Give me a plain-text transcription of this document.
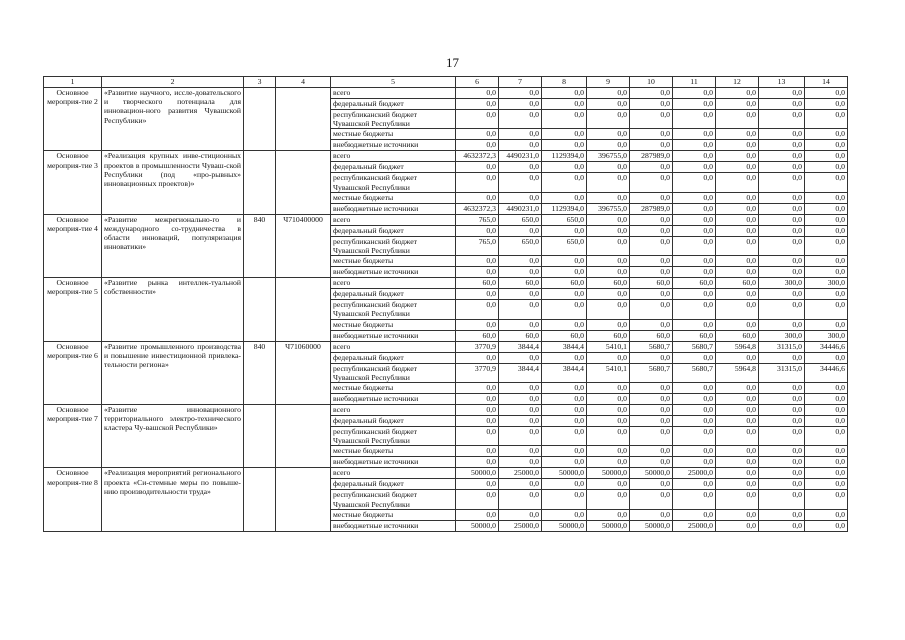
17
1	2	3	4	5	6	7	8	9	10	11	12	13	14
Основное мероприя-тие 2	«Развитие научного, иссле-довательского и творческого потенциала для инновацион-ного развития Чувашской Республики»			всего	0,0	0,0	0,0	0,0	0,0	0,0	0,0	0,0	0,0
				федеральный бюджет	0,0	0,0	0,0	0,0	0,0	0,0	0,0	0,0	0,0
				республиканский бюджет Чувашской Республики	0,0	0,0	0,0	0,0	0,0	0,0	0,0	0,0	0,0
				местные бюджеты	0,0	0,0	0,0	0,0	0,0	0,0	0,0	0,0	0,0
				внебюджетные источники	0,0	0,0	0,0	0,0	0,0	0,0	0,0	0,0	0,0
Основное мероприя-тие 3	«Реализация крупных инве-стиционных проектов в промышленности Чуваш-ской Республики (под «про-рывных» инновационных проектов)»			всего	4632372,3	4490231,0	1129394,0	396755,0	287989,0	0,0	0,0	0,0	0,0
				федеральный бюджет	0,0	0,0	0,0	0,0	0,0	0,0	0,0	0,0	0,0
				республиканский бюджет Чувашской Республики	0,0	0,0	0,0	0,0	0,0	0,0	0,0	0,0	0,0
				местные бюджеты	0,0	0,0	0,0	0,0	0,0	0,0	0,0	0,0	0,0
				внебюджетные источники	4632372,3	4490231,0	1129394,0	396755,0	287989,0	0,0	0,0	0,0	0,0
Основное мероприя-тие 4	«Развитие межрегионально-го и международного со-трудничества в области инноваций, популяризация инноватики»	840	Ч710400000	всего	765,0	650,0	650,0	0,0	0,0	0,0	0,0	0,0	0,0
				федеральный бюджет	0,0	0,0	0,0	0,0	0,0	0,0	0,0	0,0	0,0
				республиканский бюджет Чувашской Республики	765,0	650,0	650,0	0,0	0,0	0,0	0,0	0,0	0,0
				местные бюджеты	0,0	0,0	0,0	0,0	0,0	0,0	0,0	0,0	0,0
				внебюджетные источники	0,0	0,0	0,0	0,0	0,0	0,0	0,0	0,0	0,0
Основное мероприя-тие 5	«Развитие рынка интеллек-туальной собственности»			всего	60,0	60,0	60,0	60,0	60,0	60,0	60,0	300,0	300,0
				федеральный бюджет	0,0	0,0	0,0	0,0	0,0	0,0	0,0	0,0	0,0
				республиканский бюджет Чувашской Республики	0,0	0,0	0,0	0,0	0,0	0,0	0,0	0,0	0,0
				местные бюджеты	0,0	0,0	0,0	0,0	0,0	0,0	0,0	0,0	0,0
				внебюджетные источники	60,0	60,0	60,0	60,0	60,0	60,0	60,0	300,0	300,0
Основное мероприя-тие 6	«Развитие промышленного производства и повышение инвестиционной привлека-тельности региона»	840	Ч71060000	всего	3770,9	3844,4	3844,4	5410,1	5680,7	5680,7	5964,8	31315,0	34446,6
				федеральный бюджет	0,0	0,0	0,0	0,0	0,0	0,0	0,0	0,0	0,0
				республиканский бюджет Чувашской Республики	3770,9	3844,4	3844,4	5410,1	5680,7	5680,7	5964,8	31315,0	34446,6
				местные бюджеты	0,0	0,0	0,0	0,0	0,0	0,0	0,0	0,0	0,0
				внебюджетные источники	0,0	0,0	0,0	0,0	0,0	0,0	0,0	0,0	0,0
Основное мероприя-тие 7	«Развитие инновационного территориального электро-технического кластера Чу-вашской Республики»			всего	0,0	0,0	0,0	0,0	0,0	0,0	0,0	0,0	0,0
				федеральный бюджет	0,0	0,0	0,0	0,0	0,0	0,0	0,0	0,0	0,0
				республиканский бюджет Чувашской Республики	0,0	0,0	0,0	0,0	0,0	0,0	0,0	0,0	0,0
				местные бюджеты	0,0	0,0	0,0	0,0	0,0	0,0	0,0	0,0	0,0
				внебюджетные источники	0,0	0,0	0,0	0,0	0,0	0,0	0,0	0,0	0,0
Основное мероприя-тие 8	«Реализация мероприятий регионального проекта «Си-стемные меры по повыше-нию производительности труда»			всего	50000,0	25000,0	50000,0	50000,0	50000,0	25000,0	0,0	0,0	0,0
				федеральный бюджет	0,0	0,0	0,0	0,0	0,0	0,0	0,0	0,0	0,0
				республиканский бюджет Чувашской Республики	0,0	0,0	0,0	0,0	0,0	0,0	0,0	0,0	0,0
				местные бюджеты	0,0	0,0	0,0	0,0	0,0	0,0	0,0	0,0	0,0
				внебюджетные источники	50000,0	25000,0	50000,0	50000,0	50000,0	25000,0	0,0	0,0	0,0
